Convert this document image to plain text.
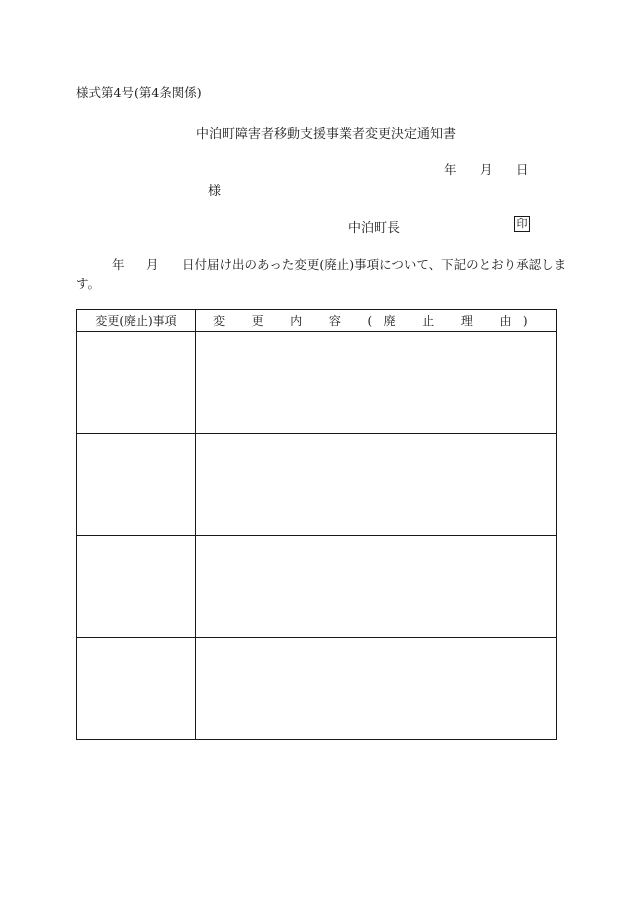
様式第4号(第4条関係)
中泊町障害者移動支援事業者変更決定通知書
年 月 日
様
中泊町長	印
年 月 日付届け出のあった変更(廃止)事項について、下記のとおり承認しま
す。
変更(廃止)事項	変 更 内 容 (廃 止 理 由)
